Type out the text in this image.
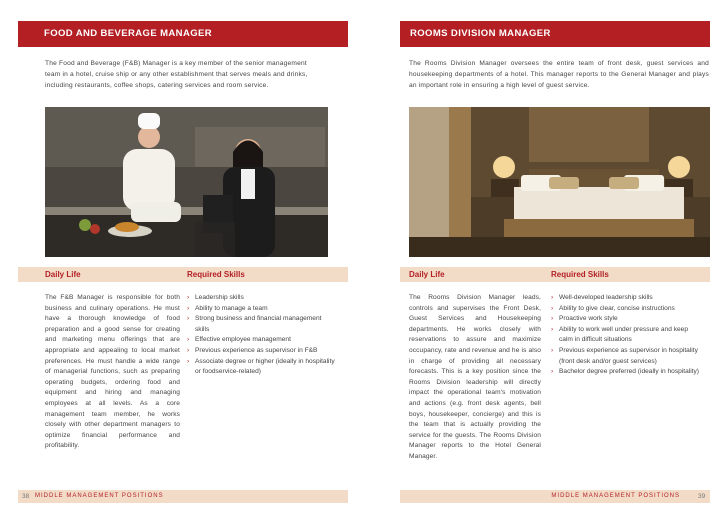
FOOD AND BEVERAGE MANAGER
The Food and Beverage (F&B) Manager is a key member of the senior management
team in a hotel, cruise ship or any other establishment that serves meals and drinks,
including restaurants, coffee shops, catering services and room service.
Daily Life	Required Skills

The F&B Manager is responsible for both business and culinary operations. He must have a thorough knowledge of food preparation and a good sense for creating and marketing menu offerings that are appropriate and appealing to local market preferences. He must handle a wide range of managerial functions, such as preparing operating budgets, ordering food and equipment and hiring and managing employees at all levels. As a core management team member, he works closely with other department managers to optimize financial performance and profitability.

› Leadership skills
› Ability to manage a team
› Strong business and financial management skills
› Effective employee management
› Previous experience as supervisor in F&B
› Associate degree or higher (ideally in hospitality or foodservice-related)
MIDDLE MANAGEMENT POSITIONS
38
ROOMS DIVISION MANAGER

The Rooms Division Manager oversees the entire team of front desk, guest services and housekeeping departments of a hotel. This manager reports to the General Manager and plays an important role in ensuring a high level of guest service.

Daily Life	Required Skills

The Rooms Division Manager leads, controls and supervises the Front Desk, Guest Services and Housekeeping departments. He works closely with reservations to assure and maximize occupancy, rate and revenue and he is also in charge of providing all necessary forecasts. This is a key position since the Rooms Division leadership will directly impact the operational team's motivation and actions (e.g. front desk agents, bell boys, housekeeper, concierge) and this is the team that is actually providing the service for the guests. The Rooms Division Manager reports to the Hotel General Manager.

› Well-developed leadership skills
› Ability to give clear, concise instructions
› Proactive work style
› Ability to work well under pressure and keep calm in difficult situations
› Previous experience as supervisor in hospitality (front desk and/or guest services)
› Bachelor degree preferred (ideally in hospitality)
MIDDLE MANAGEMENT POSITIONS	39
